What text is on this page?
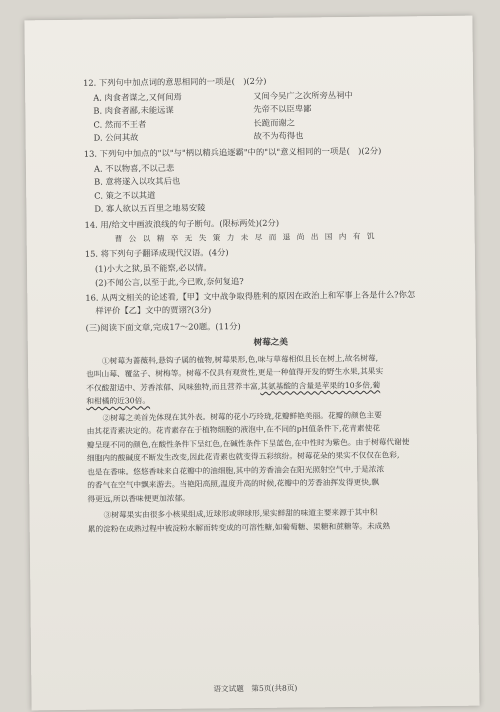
12. 下列句中加点词的意思相同的一项是(　)(2分)
A. 肉食者谋之,又何间焉	又间今吴广之次所旁丛祠中
B. 肉食者鄙,未能远谋	先帝不以臣卑鄙
C. 然而不王者	长跪而谢之
D. 公问其故	故不为苟得也
13. 下列句中加点的"以"与"柄以精兵追逐霸"中的"以"意义相同的一项是(　)(2分)
A. 不以物喜,不以己悲
B. 意将遂入以攻其后也
C. 策之不以其道
D. 寡人欲以五百里之地易安陵
14. 用/给文中画波浪线的句子断句。(限标两处)(2分)
曹 公 以 精 卒 无 失 策 力 未 尽 而 退 尚 出 国 内 有 饥
15. 将下列句子翻译成现代汉语。(4分)
(1)小大之狱,虽不能察,必以情。
(2)不闻公言,以至于此,今已败,奈何复追?
16. 从两文相关的论述看,【甲】文中战争取得胜利的原因在政治上和军事上各是什么?你怎
样评价【乙】文中的贾诩?(3分)
(三)阅读下面文章,完成17～20题。(11分)
树莓之美
①树莓为蔷薇科,悬钩子属的植物,树莓果形,色,味与草莓相似且长在树上,故名树莓,
也叫山莓、覆盆子、树梅等。树莓不仅具有观赏性,更是一种值得开发的野生水果,其果实
不仅酸甜适中、芳香浓郁、风味独特,而且营养丰富,其氨基酸的含量是苹果的10多倍,葡
和柑橘的近30倍。
②树莓之美首先体现在其外表。树莓的花小巧玲珑,花瓣鲜艳美丽。花瓣的颜色主要
由其花青素决定的。花青素存在于植物细胞的液泡中,在不同的pH值条件下,花青素使花
瓣呈现不同的颜色,在酸性条件下呈红色,在碱性条件下呈蓝色,在中性时为紫色。由于树莓代谢使
细胞内的酸碱度不断发生改变,因此花青素也就变得五彩缤纷。树莓花朵的果实不仅仅在色彩,
也是在香味。悠悠香味来自花瓣中的油细胞,其中的芳香油会在阳光照射空气中,于是浓浓
的香气在空气中飘来游去。当艳阳高照,温度升高的时候,花瓣中的芳香油挥发得更快,飘
得更远,所以香味便更加浓郁。
③树莓果实由很多小核果组成,近球形或卵球形,果实鲜甜的味道主要来源于其中积
累的淀粉在成熟过程中被淀粉水解而转变成的可溶性糖,如葡萄糖、果糖和蔗糖等。未成熟
语文试题　第5页(共8页)
